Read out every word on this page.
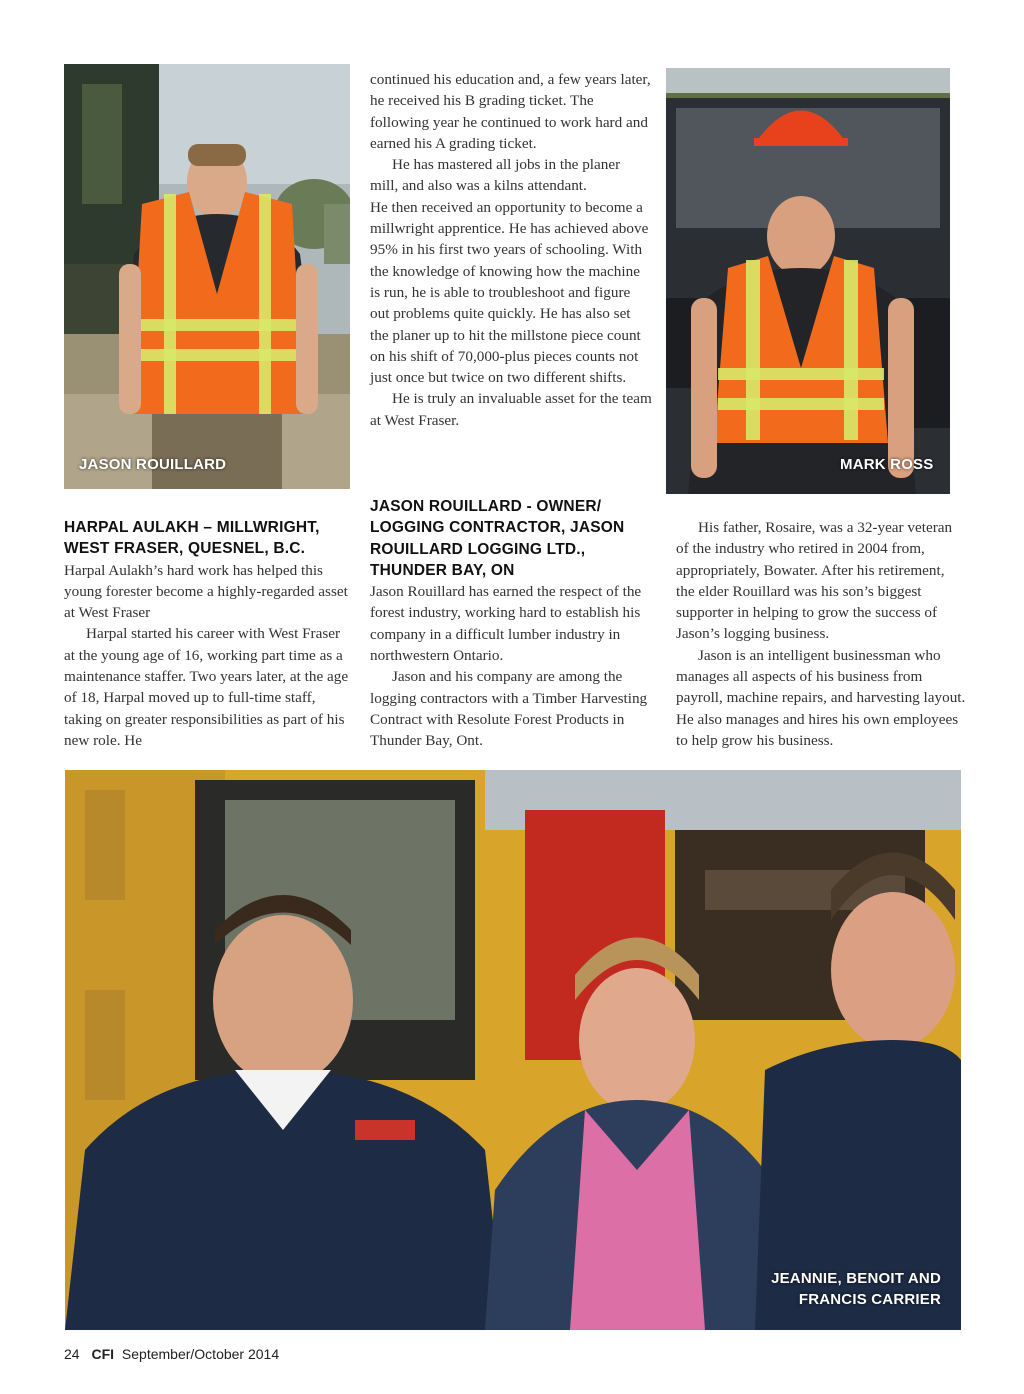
JASON ROUILLARD	MARK ROSS

continued his education and, a few years later, he received his B grading ticket. The following year he continued to work hard and earned his A grading ticket.

He has mastered all jobs in the planer mill, and also was a kilns attendant.

He then received an opportunity to become a millwright apprentice. He has achieved above 95% in his first two years of schooling. With the knowledge of knowing how the machine is run, he is able to troubleshoot and figure out problems quite quickly. He has also set the planer up to hit the millstone piece count on his shift of 70,000-plus pieces counts not just once but twice on two different shifts.

He is truly an invaluable asset for the team at West Fraser.

HARPAL AULAKH – MILLWRIGHT, WEST FRASER, QUESNEL, B.C.

Harpal Aulakh’s hard work has helped this young forester become a highly-regarded asset at West Fraser

Harpal started his career with West Fraser at the young age of 16, working part time as a maintenance staffer. Two years later, at the age of 18, Harpal moved up to full-time staff, taking on greater responsibilities as part of his new role. He

JASON ROUILLARD - OWNER/ LOGGING CONTRACTOR, JASON ROUILLARD LOGGING LTD., THUNDER BAY, ON

Jason Rouillard has earned the respect of the forest industry, working hard to establish his company in a difficult lumber industry in northwestern Ontario.

Jason and his company are among the logging contractors with a Timber Harvesting Contract with Resolute Forest Products in Thunder Bay, Ont.

His father, Rosaire, was a 32-year veteran of the industry who retired in 2004 from, appropriately, Bowater. After his retirement, the elder Rouillard was his son’s biggest supporter in helping to grow the success of Jason’s logging business.

Jason is an intelligent businessman who manages all aspects of his business from payroll, machine repairs, and harvesting layout. He also manages and hires his own employees to help grow his business.

JEANNIE, BENOIT AND
FRANCIS CARRIER
24 CFI September/October 2014
